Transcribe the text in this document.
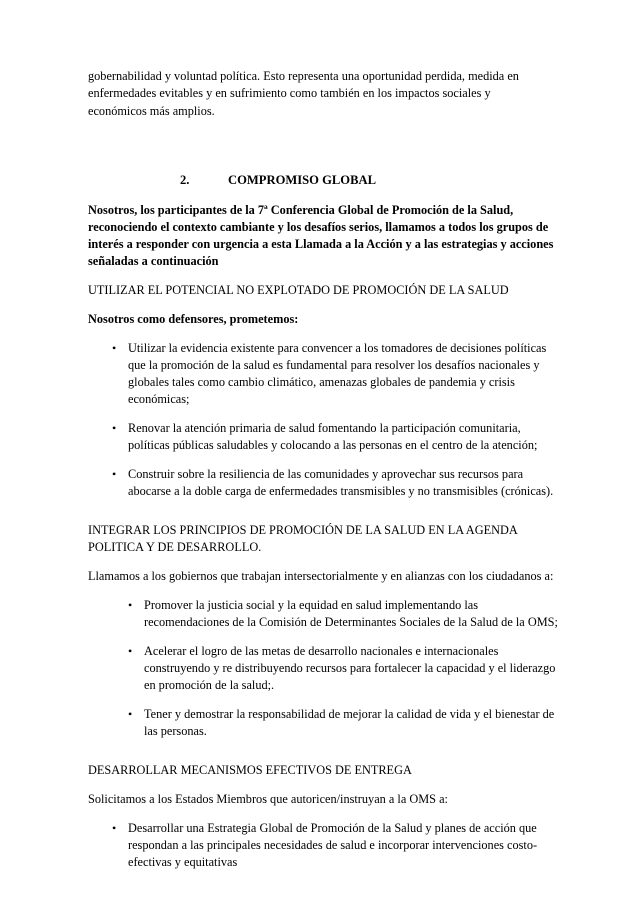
gobernabilidad y voluntad política. Esto representa una oportunidad perdida, medida en
enfermedades evitables y en sufrimiento como también en los impactos sociales y
económicos más amplios.

2.	COMPROMISO GLOBAL

Nosotros, los participantes de la 7ª Conferencia Global de Promoción de la Salud,
reconociendo el contexto cambiante y los desafíos serios, llamamos a todos los grupos de
interés a responder con urgencia a esta Llamada a la Acción y a las estrategias y acciones
señaladas a continuación

UTILIZAR EL POTENCIAL NO EXPLOTADO DE PROMOCIÓN DE LA SALUD

Nosotros como defensores, prometemos:

• Utilizar la evidencia existente para convencer a los tomadores de decisiones políticas
que la promoción de la salud es fundamental para resolver los desafíos nacionales y
globales tales como cambio climático, amenazas globales de pandemia y crisis
económicas;
• Renovar la atención primaria de salud fomentando la participación comunitaria,
políticas públicas saludables y colocando a las personas en el centro de la atención;
• Construir sobre la resiliencia de las comunidades y aprovechar sus recursos para
abocarse a la doble carga de enfermedades transmisibles y no transmisibles (crónicas).

INTEGRAR LOS PRINCIPIOS DE PROMOCIÓN DE LA SALUD EN LA AGENDA
POLITICA Y DE DESARROLLO.

Llamamos a los gobiernos que trabajan intersectorialmente y en alianzas con los ciudadanos a:

• Promover la justicia social y la equidad en salud implementando las
recomendaciones de la Comisión de Determinantes Sociales de la Salud de la OMS;
• Acelerar el logro de las metas de desarrollo nacionales e internacionales
construyendo y re distribuyendo recursos para fortalecer la capacidad y el liderazgo
en promoción de la salud;.
• Tener y demostrar la responsabilidad de mejorar la calidad de vida y el bienestar de
las personas.

DESARROLLAR MECANISMOS EFECTIVOS DE ENTREGA

Solicitamos a los Estados Miembros que autoricen/instruyan a la OMS a:

• Desarrollar una Estrategia Global de Promoción de la Salud y planes de acción que
respondan a las principales necesidades de salud e incorporar intervenciones costo-
efectivas y equitativas
